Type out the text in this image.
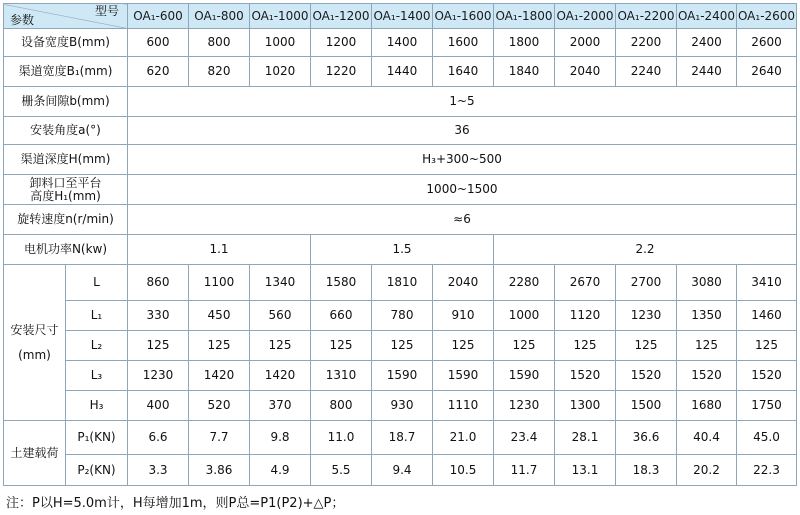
型号
参数		OA₁-600	OA₁-800	OA₁-1000	OA₁-1200	OA₁-1400	OA₁-1600	OA₁-1800	OA₁-2000	OA₁-2200	OA₁-2400	OA₁-2600
设备宽度B(mm)		600	800	1000	1200	1400	1600	1800	2000	2200	2400	2600
渠道宽度B₁(mm)		620	820	1020	1220	1440	1640	1840	2040	2240	2440	2640
栅条间隙b(mm)		1~5										
安装角度a(°)		36										
渠道深度H(mm)		H₃+300~500										

卸料口至平台
高度H₁(mm)		1000~1500										
旋转速度n(r/min)		≈6										
电机功率N(kw)		1.1			1.5			2.2				

安装尺寸
(mm)	L	860	1100	1340	1580	1810	2040	2280	2670	2700	3080	3410
	L₁	330	450	560	660	780	910	1000	1120	1230	1350	1460
	L₂	125	125	125	125	125	125	125	125	125	125	125
	L₃	1230	1420	1420	1310	1590	1590	1590	1520	1520	1520	1520
	H₃	400	520	370	800	930	1110	1230	1300	1500	1680	1750
土建载荷	P₁(KN)	6.6	7.7	9.8	11.0	18.7	21.0	23.4	28.1	36.6	40.4	45.0
	P₂(KN)	3.3	3.86	4.9	5.5	9.4	10.5	11.7	13.1	18.3	20.2	22.3
注：P以H=5.0m计，H每增加1m，则P总=P1(P2)+△P；
